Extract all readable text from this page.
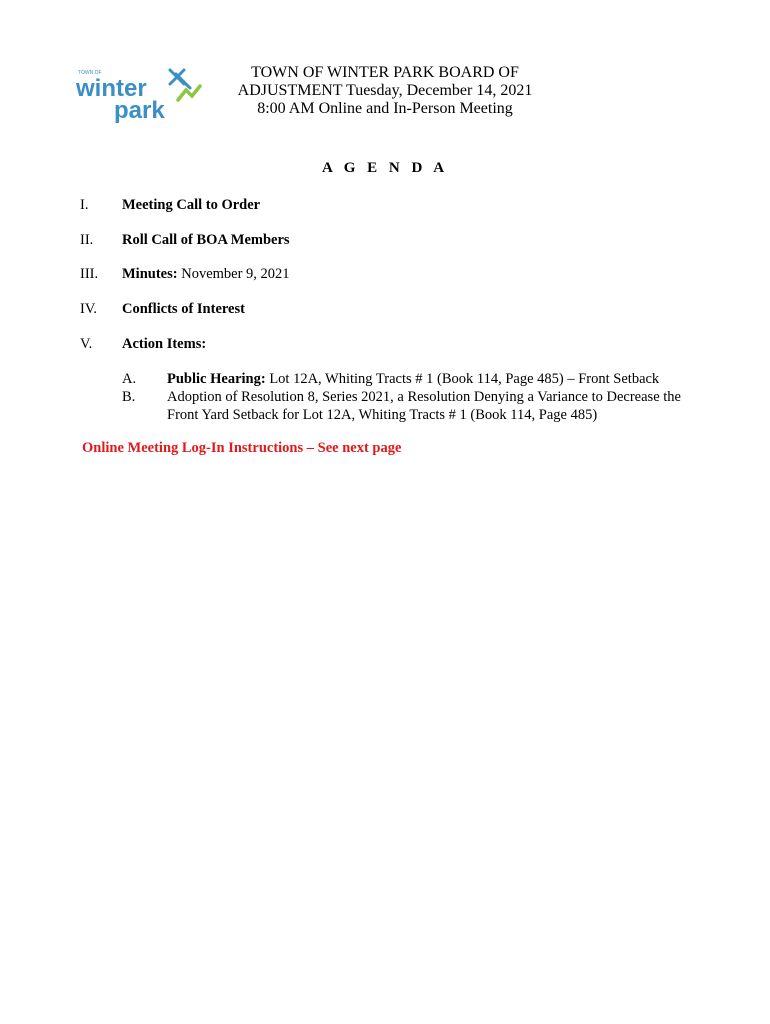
TOWN OF
winter
park
TOWN OF WINTER PARK BOARD OF ADJUSTMENT Tuesday, December 14, 2021 8:00 AM Online and In-Person Meeting
A G E N D A
I.	Meeting Call to Order
II.	Roll Call of BOA Members
III.	Minutes: November 9, 2021
IV.	Conflicts of Interest
V.	Action Items:
A.	Public Hearing: Lot 12A, Whiting Tracts # 1 (Book 114, Page 485) – Front Setback
B.	Adoption of Resolution 8, Series 2021, a Resolution Denying a Variance to Decrease the Front Yard Setback for Lot 12A, Whiting Tracts # 1 (Book 114, Page 485)
Online Meeting Log-In Instructions – See next page
